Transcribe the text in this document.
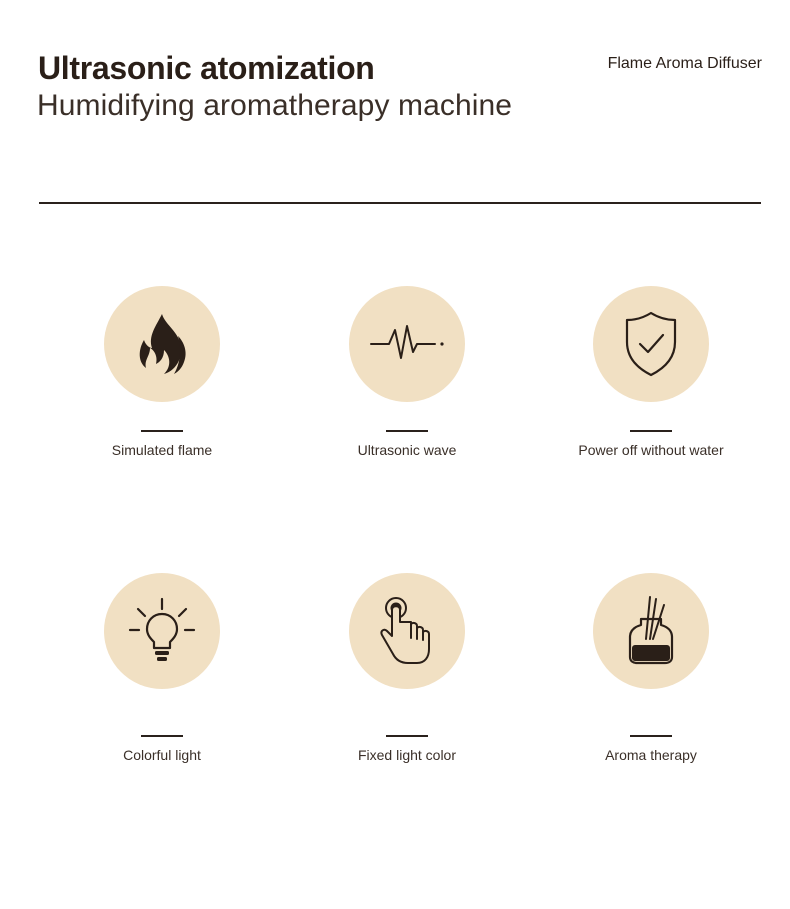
Ultrasonic atomization
Humidifying aromatherapy machine
Flame Aroma Diffuser
Simulated flame	Ultrasonic wave	Power off without water
Colorful light	Fixed light color	Aroma therapy
